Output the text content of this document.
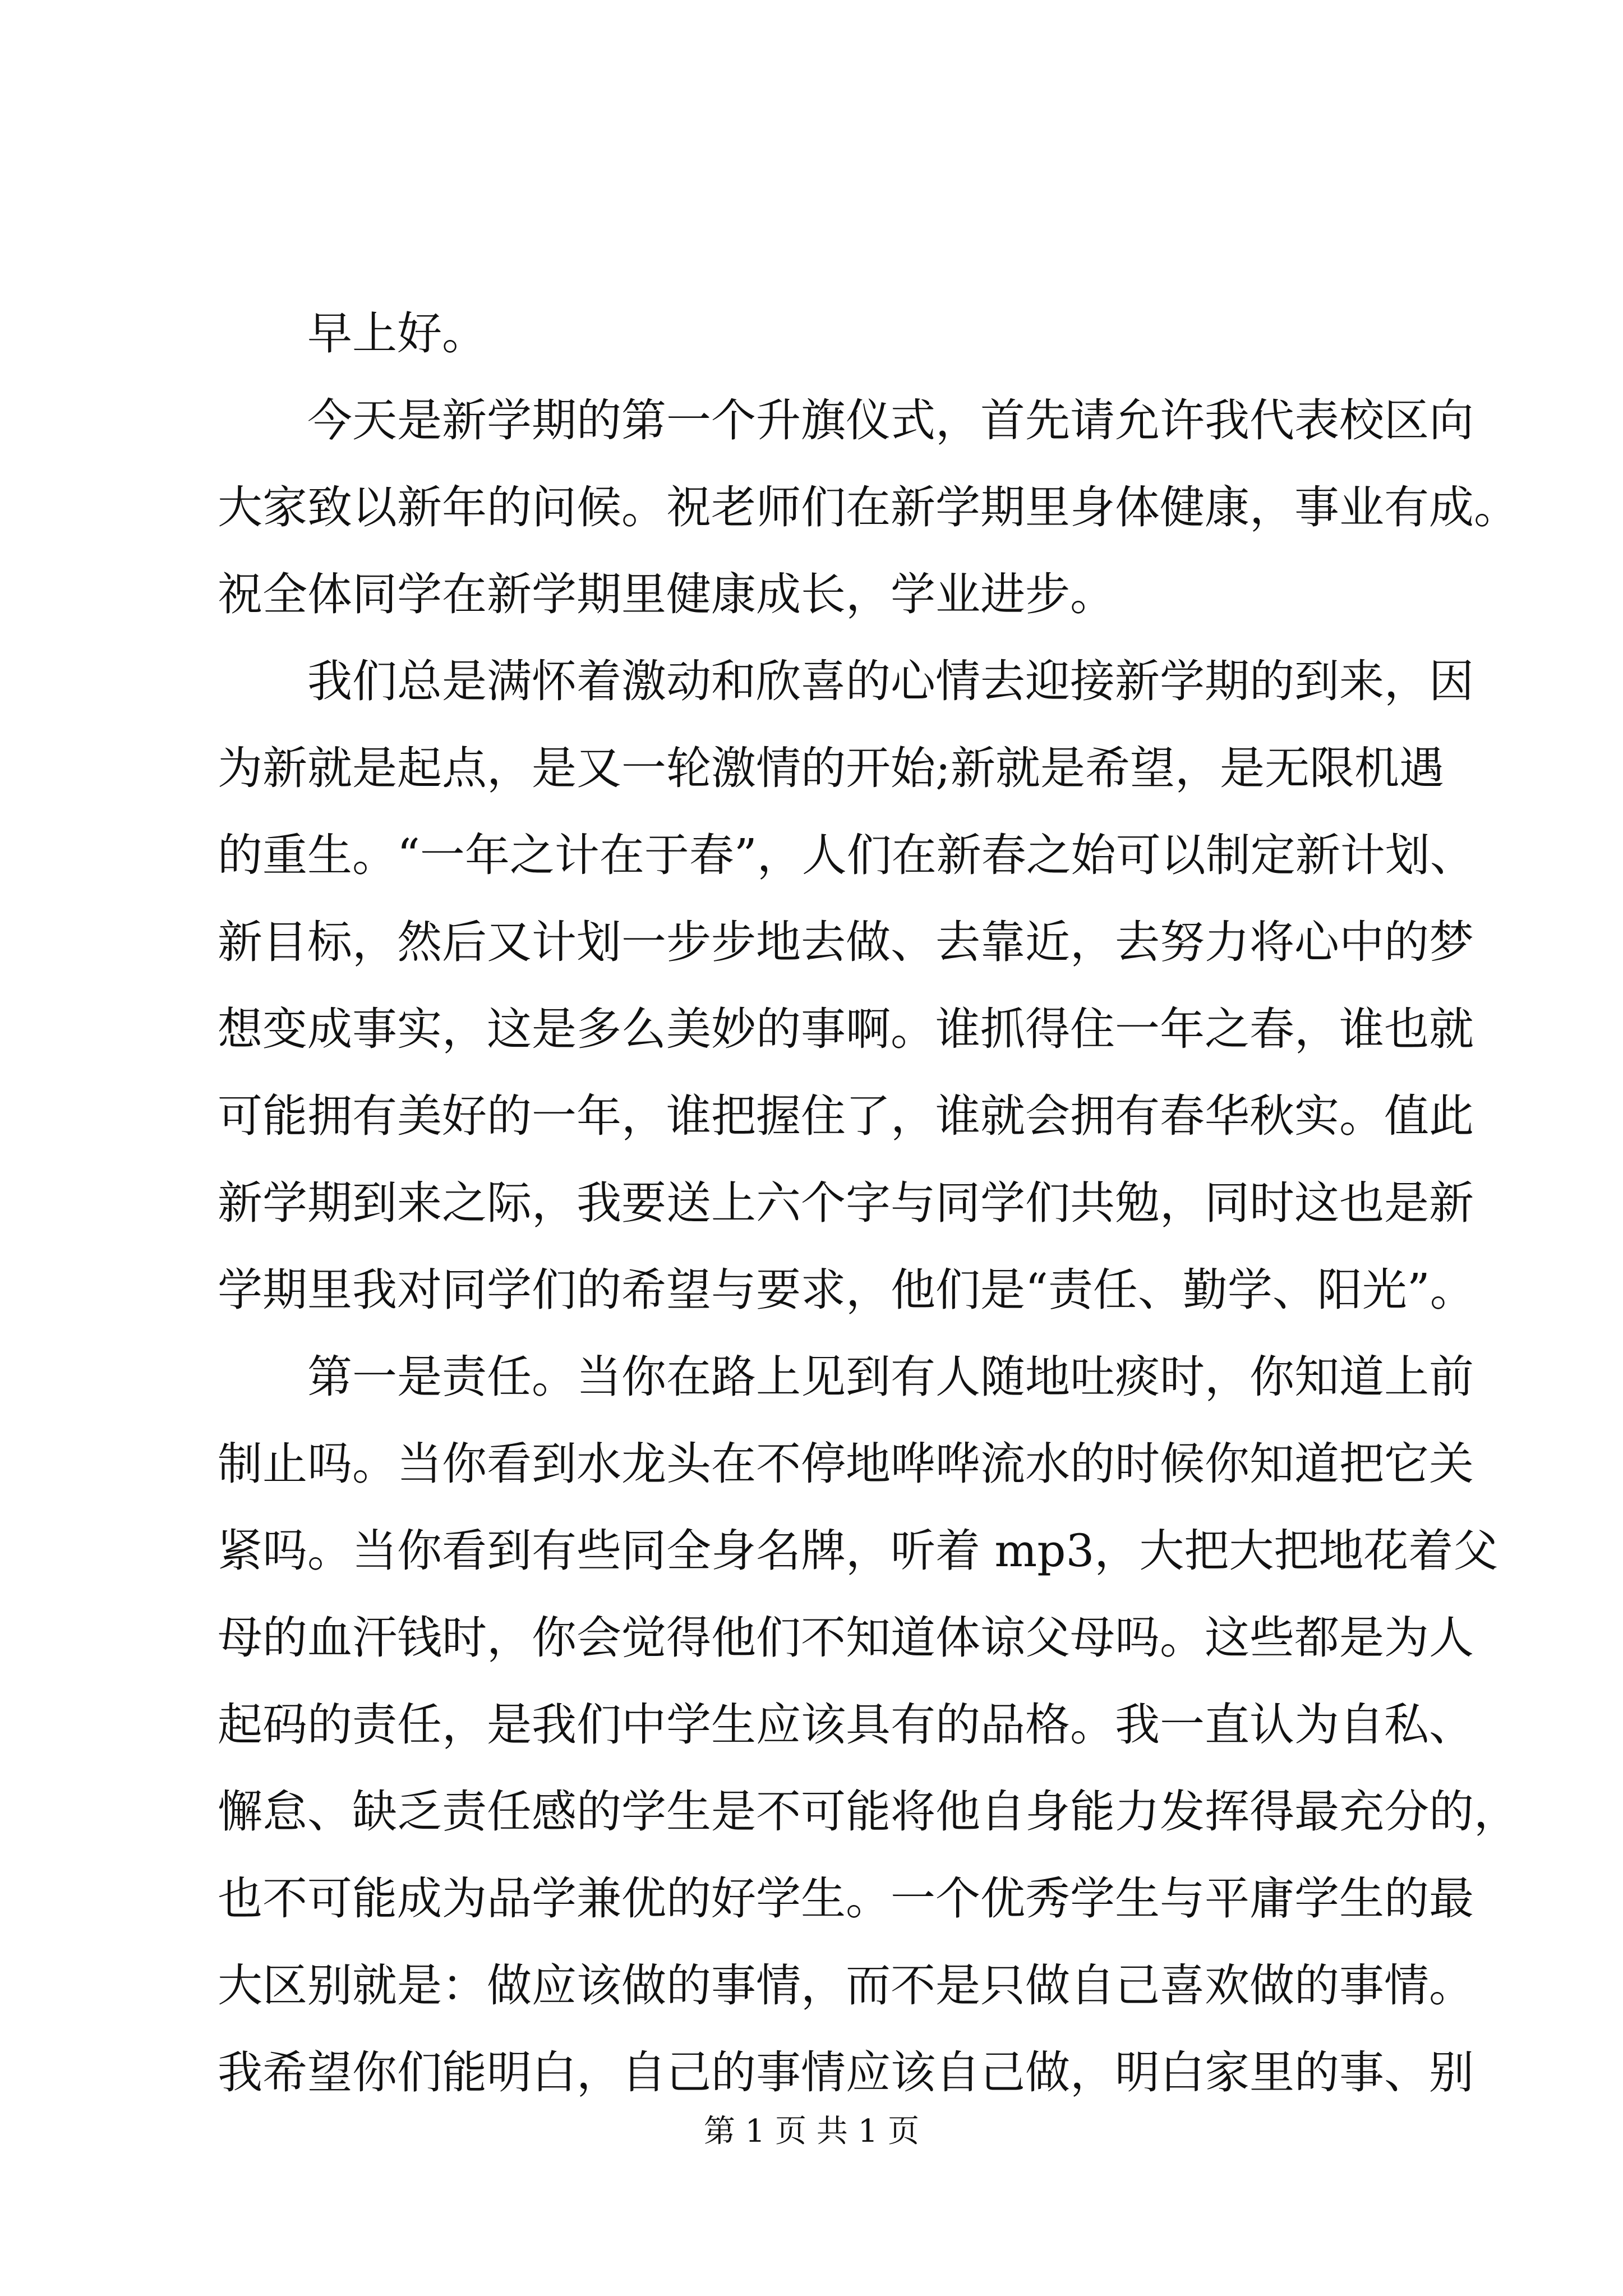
早上好。
今天是新学期的第一个升旗仪式，首先请允许我代表校区向
大家致以新年的问候。祝老师们在新学期里身体健康，事业有成。
祝全体同学在新学期里健康成长，学业进步。
我们总是满怀着激动和欣喜的心情去迎接新学期的到来，因
为新就是起点，是又一轮激情的开始;新就是希望，是无限机遇
的重生。“一年之计在于春”，人们在新春之始可以制定新计划、
新目标，然后又计划一步步地去做、去靠近，去努力将心中的梦
想变成事实，这是多么美妙的事啊。谁抓得住一年之春，谁也就
可能拥有美好的一年，谁把握住了，谁就会拥有春华秋实。值此
新学期到来之际，我要送上六个字与同学们共勉，同时这也是新
学期里我对同学们的希望与要求，他们是“责任、勤学、阳光”。
第一是责任。当你在路上见到有人随地吐痰时，你知道上前
制止吗。当你看到水龙头在不停地哗哗流水的时候你知道把它关
紧吗。当你看到有些同全身名牌，听着 mp3，大把大把地花着父
母的血汗钱时，你会觉得他们不知道体谅父母吗。这些都是为人
起码的责任，是我们中学生应该具有的品格。我一直认为自私、
懈怠、缺乏责任感的学生是不可能将他自身能力发挥得最充分的，
也不可能成为品学兼优的好学生。一个优秀学生与平庸学生的最
大区别就是：做应该做的事情，而不是只做自己喜欢做的事情。
我希望你们能明白，自己的事情应该自己做，明白家里的事、别
第 1 页 共 1 页
